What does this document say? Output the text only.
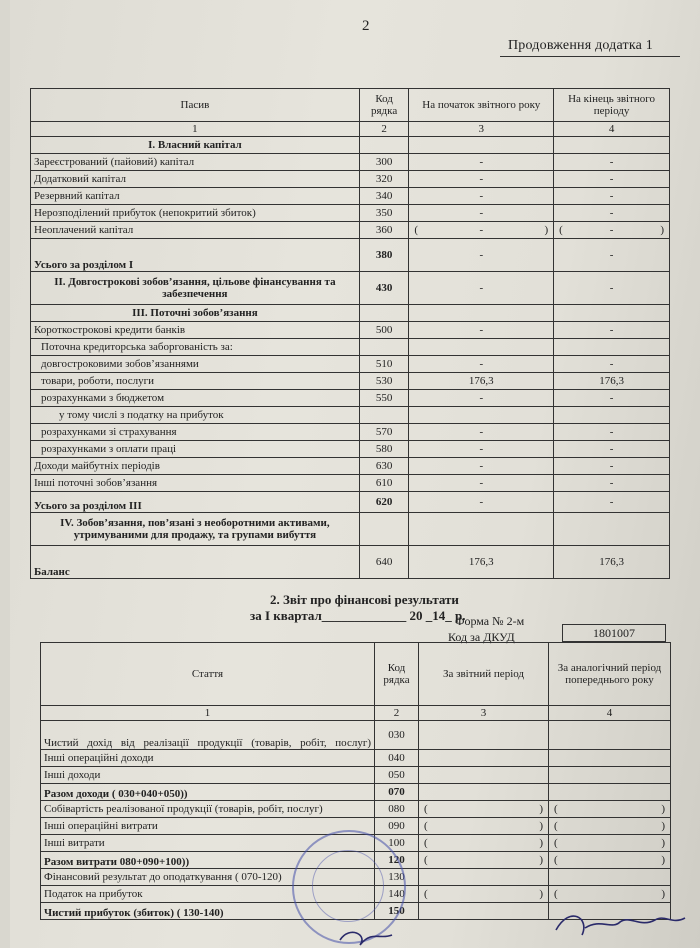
2
Продовження додатка 1
Пасив	Код рядка	На початок звітного року	На кінець звітного періоду
1	2	3	4
I. Власний капітал			
Зареєстрований (пайовий) капітал	300	-	-
Додатковий капітал	320	-	-
Резервний капітал	340	-	-
Нерозподілений прибуток (непокритий збиток)	350	-	-
Неоплачений капітал	360	( - )	( - )

Усього за розділом I	380	-	-
II. Довгострокові зобов’язання, цільове фінансування та забезпечення	430	-	-
III. Поточні зобов’язання			
Короткострокові кредити банків	500	-	-
Поточна кредиторська заборгованість за:			
довгостроковими зобов’язаннями	510	-	-
товари, роботи, послуги	530	176,3	176,3
розрахунками з бюджетом	550	-	-
у тому числі з податку на прибуток			
розрахунками зі страхування	570	-	-
розрахунками з оплати праці	580	-	-
Доходи майбутніх періодів	630	-	-
Інші поточні зобов’язання	610	-	-
Усього за розділом III	620	-	-
IV. Зобов’язання, пов’язані з необоротними активами, утримуваними для продажу, та групами вибуття			
Баланс	640	176,3	176,3
2. Звіт про фінансові результати
за I квартал_____________ 20 _14_ р.
Форма № 2-м
Код за ДКУД	1801007
Стаття	Код рядка	За звітний період	За аналогічний період попереднього року
1	2	3	4
Чистий дохід від реалізації продукції (товарів, робіт, послуг)	030		
Інші операційні доходи	040		
Інші доходи	050		
Разом доходи ( 030+040+050))	070		
Собівартість реалізованої продукції (товарів, робіт, послуг)	080	( )	( )

Інші операційні витрати	090	( )	( )

Інші витрати	100	( )	( )

Разом витрати 080+090+100))	120	( )	( )

Фінансовий результат до оподаткування ( 070-120)	130		
Податок на прибуток	140	( )	( )

Чистий прибуток (збиток) ( 130-140)	150		
